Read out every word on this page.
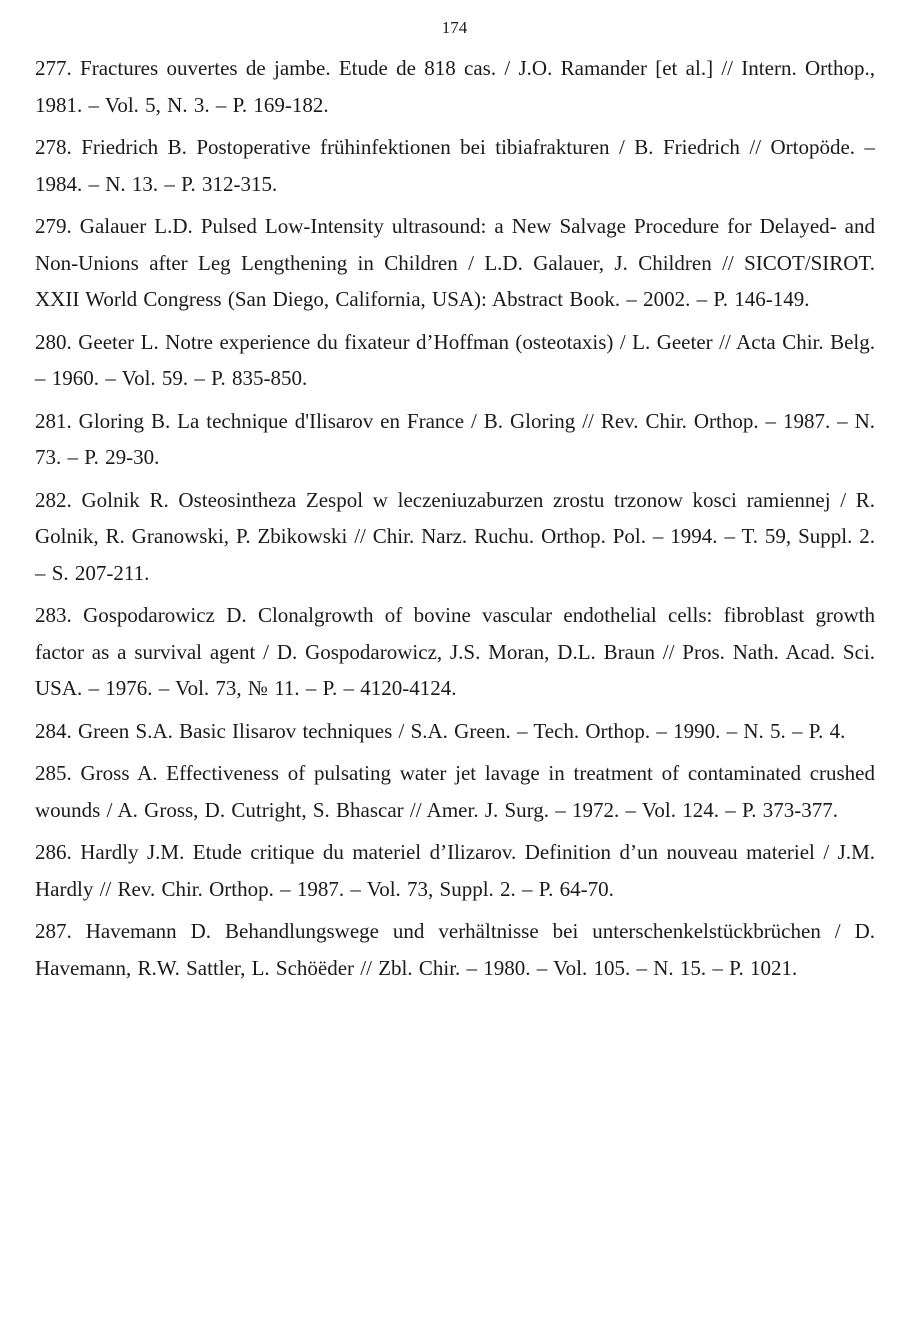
174
277. Fractures ouvertes de jambe. Etude de 818 cas. / J.O. Ramander [et al.] // Intern. Orthop., 1981. – Vol. 5, N. 3. – P. 169-182.
278. Friedrich B. Postoperative frühinfektionen bei tibiafrakturen / B. Friedrich // Ortopöde. – 1984. – N. 13. – P. 312-315.
279. Galauer L.D. Pulsed Low-Intensity ultrasound: a New Salvage Procedure for Delayed- and Non-Unions after Leg Lengthening in Children / L.D. Galauer, J. Children // SICOT/SIROT. XXII World Congress (San Diego, California, USA): Abstract Book. – 2002. – P. 146-149.
280. Geeter L. Notre experience du fixateur d’Hoffman (osteotaxis) / L. Geeter // Acta Chir. Belg. – 1960. – Vol. 59. – P. 835-850.
281. Gloring B. La technique d'Ilisarov en France / B. Gloring // Rev. Chir. Orthop. – 1987. – N. 73. – P. 29-30.
282. Golnik R. Osteosintheza Zespol w leczeniuzaburzen zrostu trzonow kosci ramiennej / R. Golnik, R. Granowski, P. Zbikowski // Chir. Narz. Ruchu. Orthop. Pol. – 1994. – T. 59, Suppl. 2. – S. 207-211.
283. Gospodarowicz D. Clonalgrowth of bovine vascular endothelial cells: fibroblast growth factor as a survival agent / D. Gospodarowicz, J.S. Moran, D.L. Braun // Pros. Nath. Acad. Sci. USA. – 1976. – Vol. 73, № 11. – P. – 4120-4124.
284. Green S.A. Basic Ilisarov techniques / S.A. Green. – Tech. Orthop. – 1990. – N. 5. – P. 4.
285. Gross A. Effectiveness of pulsating water jet lavage in treatment of contaminated crushed wounds / A. Gross, D. Cutright, S. Bhascar // Amer. J. Surg. – 1972. – Vol. 124. – P. 373-377.
286. Hardly J.M. Etude critique du materiel d’Ilizarov. Definition d’un nouveau materiel / J.M. Hardly // Rev. Chir. Orthop. – 1987. – Vol. 73, Suppl. 2. – P. 64-70.
287. Havemann D. Behandlungswege und verhältnisse bei unterschenkelstückbrüchen / D. Havemann, R.W. Sattler, L. Schöëder // Zbl. Chir. – 1980. – Vol. 105. – N. 15. – P. 1021.
